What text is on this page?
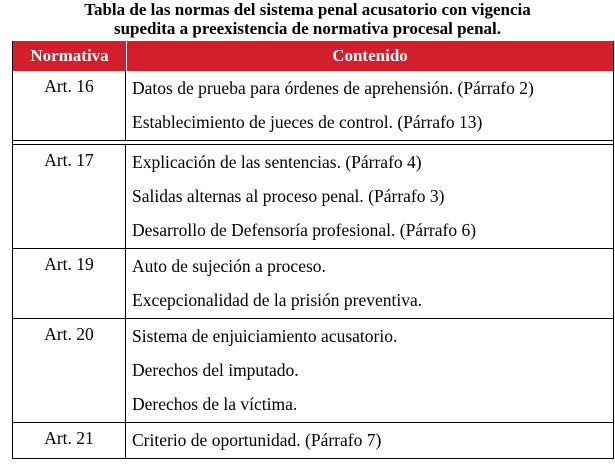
Tabla de las normas del sistema penal acusatorio con vigencia
supedita a preexistencia de normativa procesal penal.
Normativa	Contenido
Art. 16	Datos de prueba para órdenes de aprehensión. (Párrafo 2)
Establecimiento de jueces de control. (Párrafo 13)
Art. 17	Explicación de las sentencias. (Párrafo 4)
Salidas alternas al proceso penal. (Párrafo 3)
Desarrollo de Defensoría profesional. (Párrafo 6)
Art. 19	Auto de sujeción a proceso.
Excepcionalidad de la prisión preventiva.
Art. 20	Sistema de enjuiciamiento acusatorio.
Derechos del imputado.
Derechos de la víctima.
Art. 21	Criterio de oportunidad. (Párrafo 7)
